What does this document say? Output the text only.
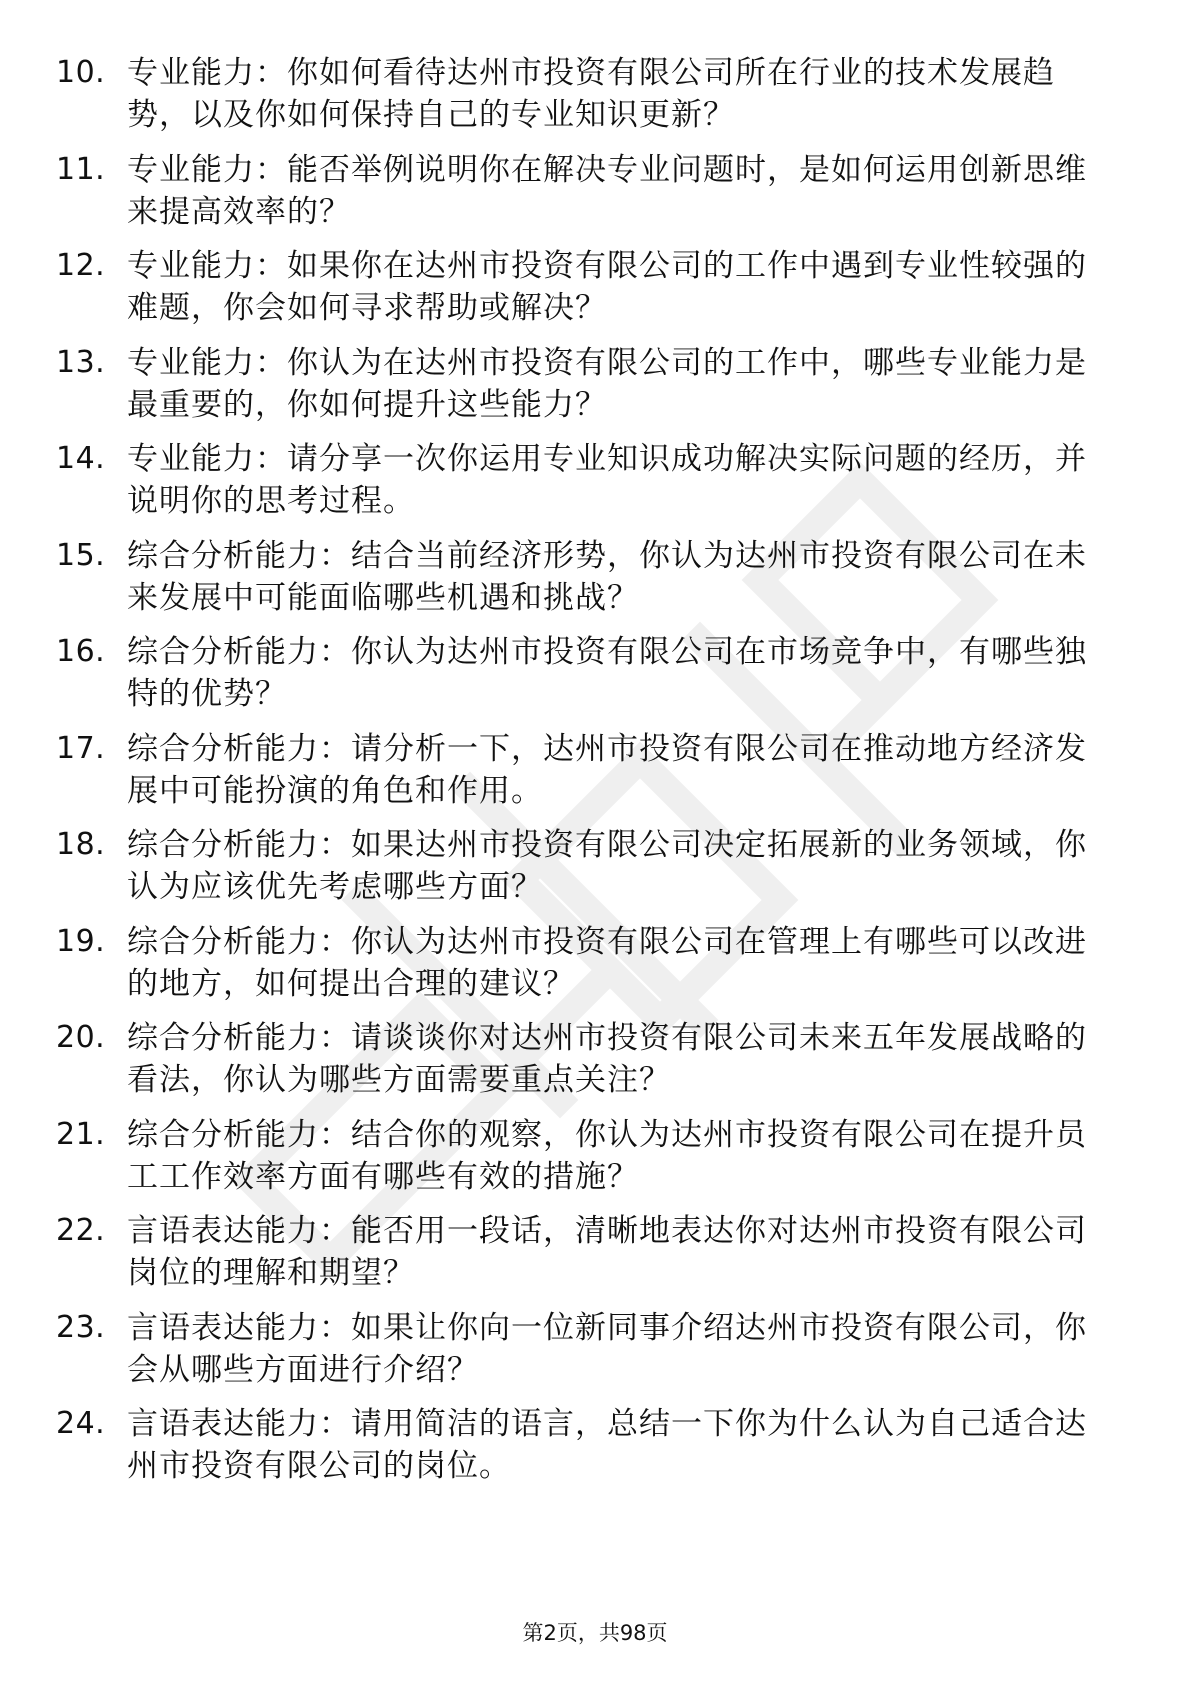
10. 专业能力：你如何看待达州市投资有限公司所在行业的技术发展趋势，以及你如何保持自己的专业知识更新？
11. 专业能力：能否举例说明你在解决专业问题时，是如何运用创新思维来提高效率的？
12. 专业能力：如果你在达州市投资有限公司的工作中遇到专业性较强的难题，你会如何寻求帮助或解决？
13. 专业能力：你认为在达州市投资有限公司的工作中，哪些专业能力是最重要的，你如何提升这些能力？
14. 专业能力：请分享一次你运用专业知识成功解决实际问题的经历，并说明你的思考过程。
15. 综合分析能力：结合当前经济形势，你认为达州市投资有限公司在未来发展中可能面临哪些机遇和挑战？
16. 综合分析能力：你认为达州市投资有限公司在市场竞争中，有哪些独特的优势？
17. 综合分析能力：请分析一下，达州市投资有限公司在推动地方经济发展中可能扮演的角色和作用。
18. 综合分析能力：如果达州市投资有限公司决定拓展新的业务领域，你认为应该优先考虑哪些方面？
19. 综合分析能力：你认为达州市投资有限公司在管理上有哪些可以改进的地方，如何提出合理的建议？
20. 综合分析能力：请谈谈你对达州市投资有限公司未来五年发展战略的看法，你认为哪些方面需要重点关注？
21. 综合分析能力：结合你的观察，你认为达州市投资有限公司在提升员工工作效率方面有哪些有效的措施？
22. 言语表达能力：能否用一段话，清晰地表达你对达州市投资有限公司岗位的理解和期望？
23. 言语表达能力：如果让你向一位新同事介绍达州市投资有限公司，你会从哪些方面进行介绍？
24. 言语表达能力：请用简洁的语言，总结一下你为什么认为自己适合达州市投资有限公司的岗位。
第2页，共98页
